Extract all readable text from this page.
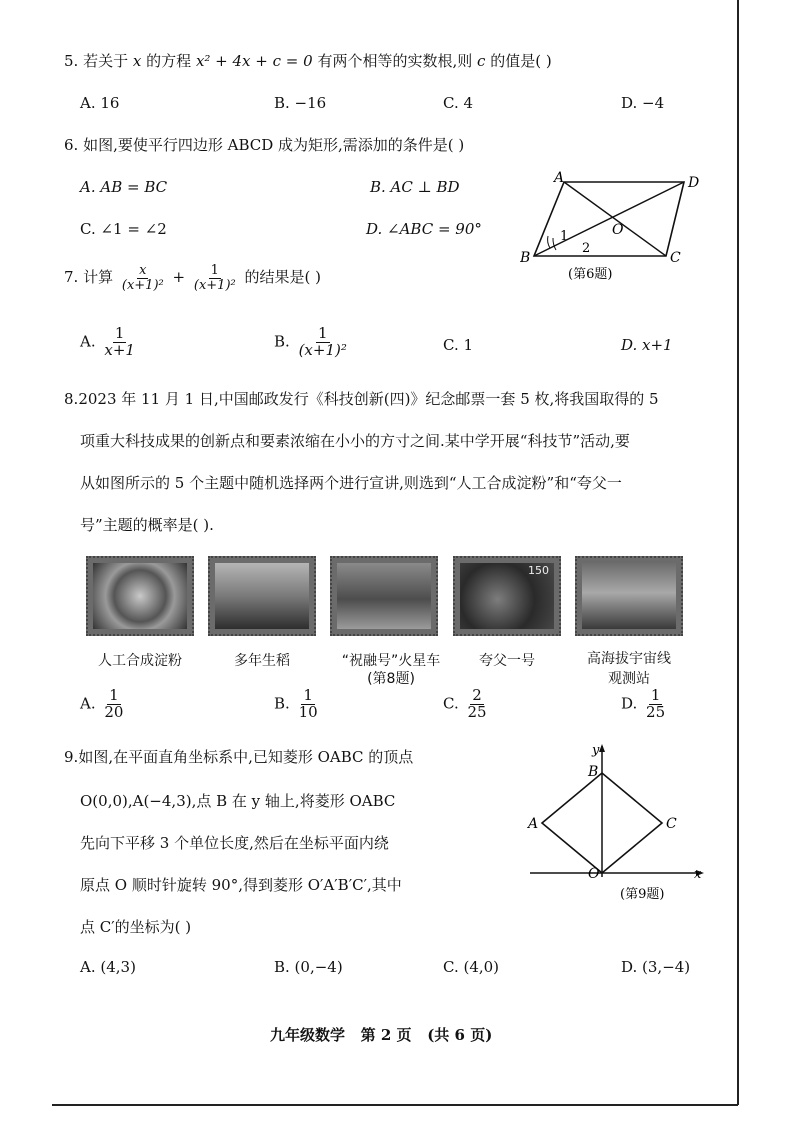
5. 若关于 x 的方程 x² + 4x + c = 0 有两个相等的实数根,则 c 的值是( )
A. 16	B. −16	C. 4	D. −4
6. 如图,要使平行四边形 ABCD 成为矩形,需添加的条件是( )
A. AB = BC	B. AC ⊥ BD
C. ∠1 = ∠2	D. ∠ABC = 90°
A	D
B	C
O
1
2
(第6题)
7. 计算 $\frac{x}{\text{(x+1)²}} + \frac{1}{\text{(x+1)²}}$ 的结果是( )
A. $\frac{1}{x+1}$	B. $\frac{1}{\text{(x+1)²}}$	C. 1	D. x+1
8.2023 年 11 月 1 日,中国邮政发行《科技创新(四)》纪念邮票一套 5 枚,将我国取得的 5
项重大科技成果的创新点和要素浓缩在小小的方寸之间.某中学开展“科技节”活动,要
从如图所示的 5 个主题中随机选择两个进行宣讲,则选到“人工合成淀粉”和“夸父一
号”主题的概率是( ).
150
人工合成淀粉	多年生稻	“祝融号”火星车	夸父一号	高海拔宇宙线
观测站
(第8题)
A. $\frac{1}{20}$	B. $\frac{1}{10}$	C. $\frac{2}{25}$	D. $\frac{1}{25}$
9.如图,在平面直角坐标系中,已知菱形 OABC 的顶点
O(0,0),A(−4,3),点 B 在 y 轴上,将菱形 OABC
先向下平移 3 个单位长度,然后在坐标平面内绕
原点 O 顺时针旋转 90°,得到菱形 O′A′B′C′,其中
点 C′的坐标为( )
y
B
A	C
O	x
(第9题)
A. (4,3)	B. (0,−4)	C. (4,0)	D. (3,−4)
九年级数学   第 2 页   (共 6 页)
